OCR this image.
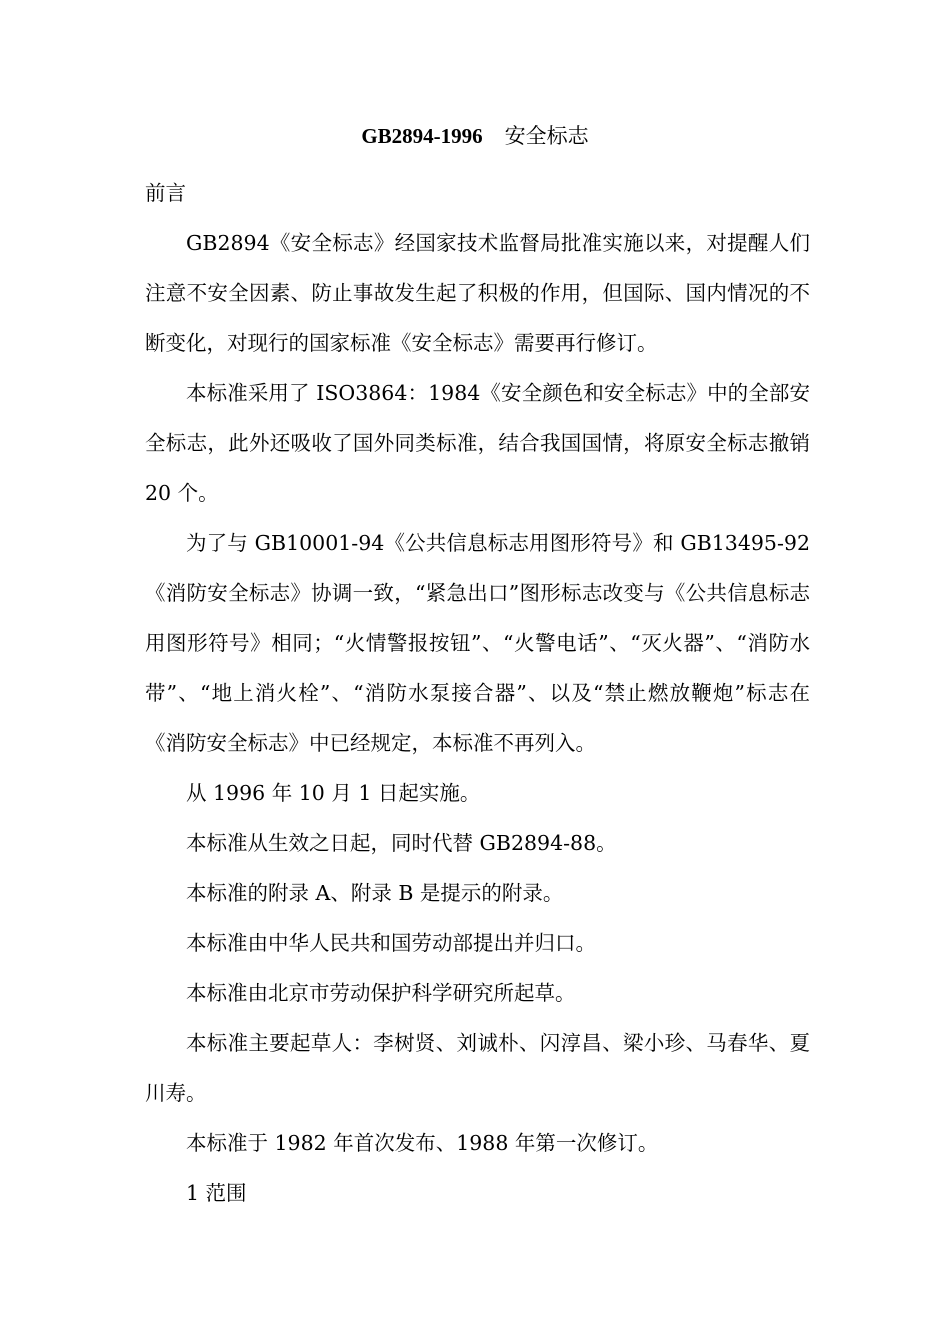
GB2894-1996 安全标志

前言

GB2894《安全标志》经国家技术监督局批准实施以来，对提醒人们注意不安全因素、防止事故发生起了积极的作用，但国际、国内情况的不断变化，对现行的国家标准《安全标志》需要再行修订。

本标准采用了 ISO3864：1984《安全颜色和安全标志》中的全部安全标志，此外还吸收了国外同类标准，结合我国国情，将原安全标志撤销 20 个。

为了与 GB10001-94《公共信息标志用图形符号》和 GB13495-92《消防安全标志》协调一致，“紧急出口”图形标志改变与《公共信息标志用图形符号》相同；“火情警报按钮”、“火警电话”、“灭火器”、“消防水带”、“地上消火栓”、“消防水泵接合器”、以及“禁止燃放鞭炮”标志在《消防安全标志》中已经规定，本标准不再列入。

从 1996 年 10 月 1 日起实施。

本标准从生效之日起，同时代替 GB2894-88。

本标准的附录 A、附录 B 是提示的附录。

本标准由中华人民共和国劳动部提出并归口。

本标准由北京市劳动保护科学研究所起草。

本标准主要起草人：李树贤、刘诚朴、闪淳昌、梁小珍、马春华、夏川寿。

本标准于 1982 年首次发布、1988 年第一次修订。

1 范围
